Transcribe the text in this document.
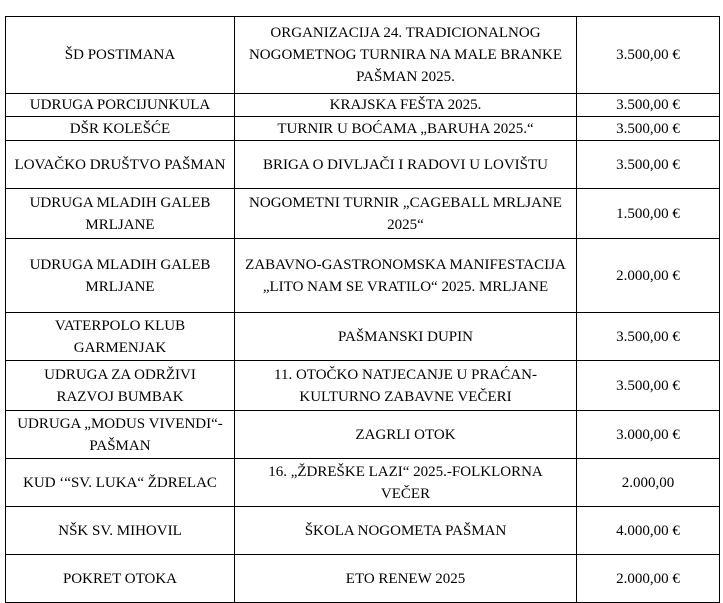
ŠD POSTIMANA	ORGANIZACIJA 24. TRADICIONALNOG NOGOMETNOG TURNIRA NA MALE BRANKE PAŠMAN 2025.	3.500,00 €
UDRUGA PORCIJUNKULA	KRAJSKA FEŠTA 2025.	3.500,00 €
DŠR KOLEŠĆE	TURNIR U BOĆAMA „BARUHA 2025.“	3.500,00 €
LOVAČKO DRUŠTVO PAŠMAN	BRIGA O DIVLJAČI I RADOVI U LOVIŠTU	3.500,00 €
UDRUGA MLADIH GALEB MRLJANE	NOGOMETNI TURNIR „CAGEBALL MRLJANE 2025“	1.500,00 €
UDRUGA MLADIH GALEB MRLJANE	ZABAVNO-GASTRONOMSKA MANIFESTACIJA „LITO NAM SE VRATILO“ 2025. MRLJANE	2.000,00 €
VATERPOLO KLUB GARMENJAK	PAŠMANSKI DUPIN	3.500,00 €
UDRUGA ZA ODRŽIVI RAZVOJ BUMBAK	11. OTOČKO NATJECANJE U PRAĆAN-KULTURNO ZABAVNE VEČERI	3.500,00 €
UDRUGA „MODUS VIVENDI“-PAŠMAN	ZAGRLI OTOK	3.000,00 €
KUD ‘“SV. LUKA“ ŽDRELAC	16. „ŽDREŠKE LAZI“ 2025.-FOLKLORNA VEČER	2.000,00
NŠK SV. MIHOVIL	ŠKOLA NOGOMETA PAŠMAN	4.000,00 €
POKRET OTOKA	ETO RENEW 2025	2.000,00 €
